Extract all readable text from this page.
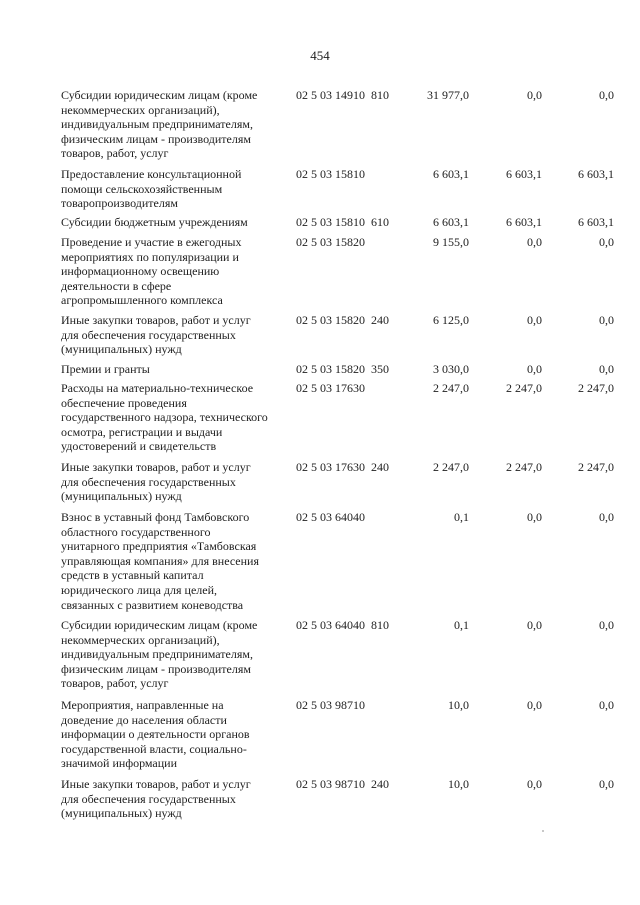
454
Субсидии юридическим лицам (кроме
некоммерческих организаций),
индивидуальным предпринимателям,
физическим лицам - производителям
товаров, работ, услуг
02 5 03 14910  810	31 977,0	0,0	0,0
Предоставление консультационной
помощи сельскохозяйственным
товаропроизводителям
02 5 03 15810	6 603,1	6 603,1	6 603,1
Субсидии бюджетным учреждениям	02 5 03 15810  610	6 603,1	6 603,1	6 603,1
Проведение и участие в ежегодных
мероприятиях по популяризации и
информационному освещению
деятельности в сфере
агропромышленного комплекса
02 5 03 15820	9 155,0	0,0	0,0
Иные закупки товаров, работ и услуг
для обеспечения государственных
(муниципальных) нужд
02 5 03 15820  240	6 125,0	0,0	0,0
Премии и гранты	02 5 03 15820  350	3 030,0	0,0	0,0
Расходы на материально-техническое
обеспечение проведения
государственного надзора, технического
осмотра, регистрации и выдачи
удостоверений и свидетельств
02 5 03 17630	2 247,0	2 247,0	2 247,0
Иные закупки товаров, работ и услуг
для обеспечения государственных
(муниципальных) нужд
02 5 03 17630  240	2 247,0	2 247,0	2 247,0
Взнос в уставный фонд Тамбовского
областного государственного
унитарного предприятия «Тамбовская
управляющая компания» для внесения
средств в уставный капитал
юридического лица для целей,
связанных с развитием коневодства
02 5 03 64040	0,1	0,0	0,0
Субсидии юридическим лицам (кроме
некоммерческих организаций),
индивидуальным предпринимателям,
физическим лицам - производителям
товаров, работ, услуг
02 5 03 64040  810	0,1	0,0	0,0
Мероприятия, направленные на
доведение до населения области
информации о деятельности органов
государственной власти, социально-
значимой информации
02 5 03 98710	10,0	0,0	0,0
Иные закупки товаров, работ и услуг
для обеспечения государственных
(муниципальных) нужд
02 5 03 98710  240	10,0	0,0	0,0
